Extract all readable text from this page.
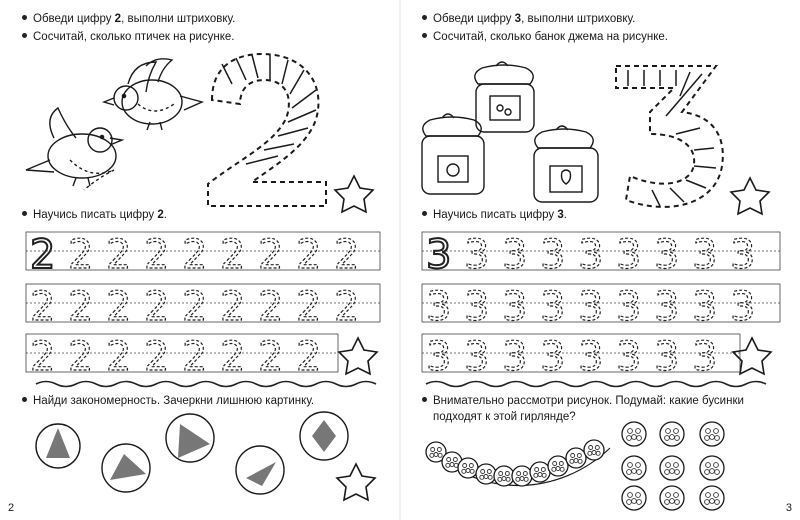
Обведи цифру 2, выполни штриховку.
Сосчитай, сколько птичек на рисунке.
2 2 2 2 2 2 2 2 2
2 2 2 2 2 2 2 2 2
2 2 2 2 2 2 2 2
Научись писать цифру 2.
Найди закономерность. Зачеркни лишнюю картинку.
2
Обведи цифру 3, выполни штриховку.
Сосчитай, сколько банок джема на рисунке.
3 3 3 3 3 3 3 3 3
3 3 3 3 3 3 3 3 3
3 3 3 3 3 3 3 3
Научись писать цифру 3.
Внимательно рассмотри рисунок. Подумай: какие бусинки
подходят к этой гирлянде?
3
